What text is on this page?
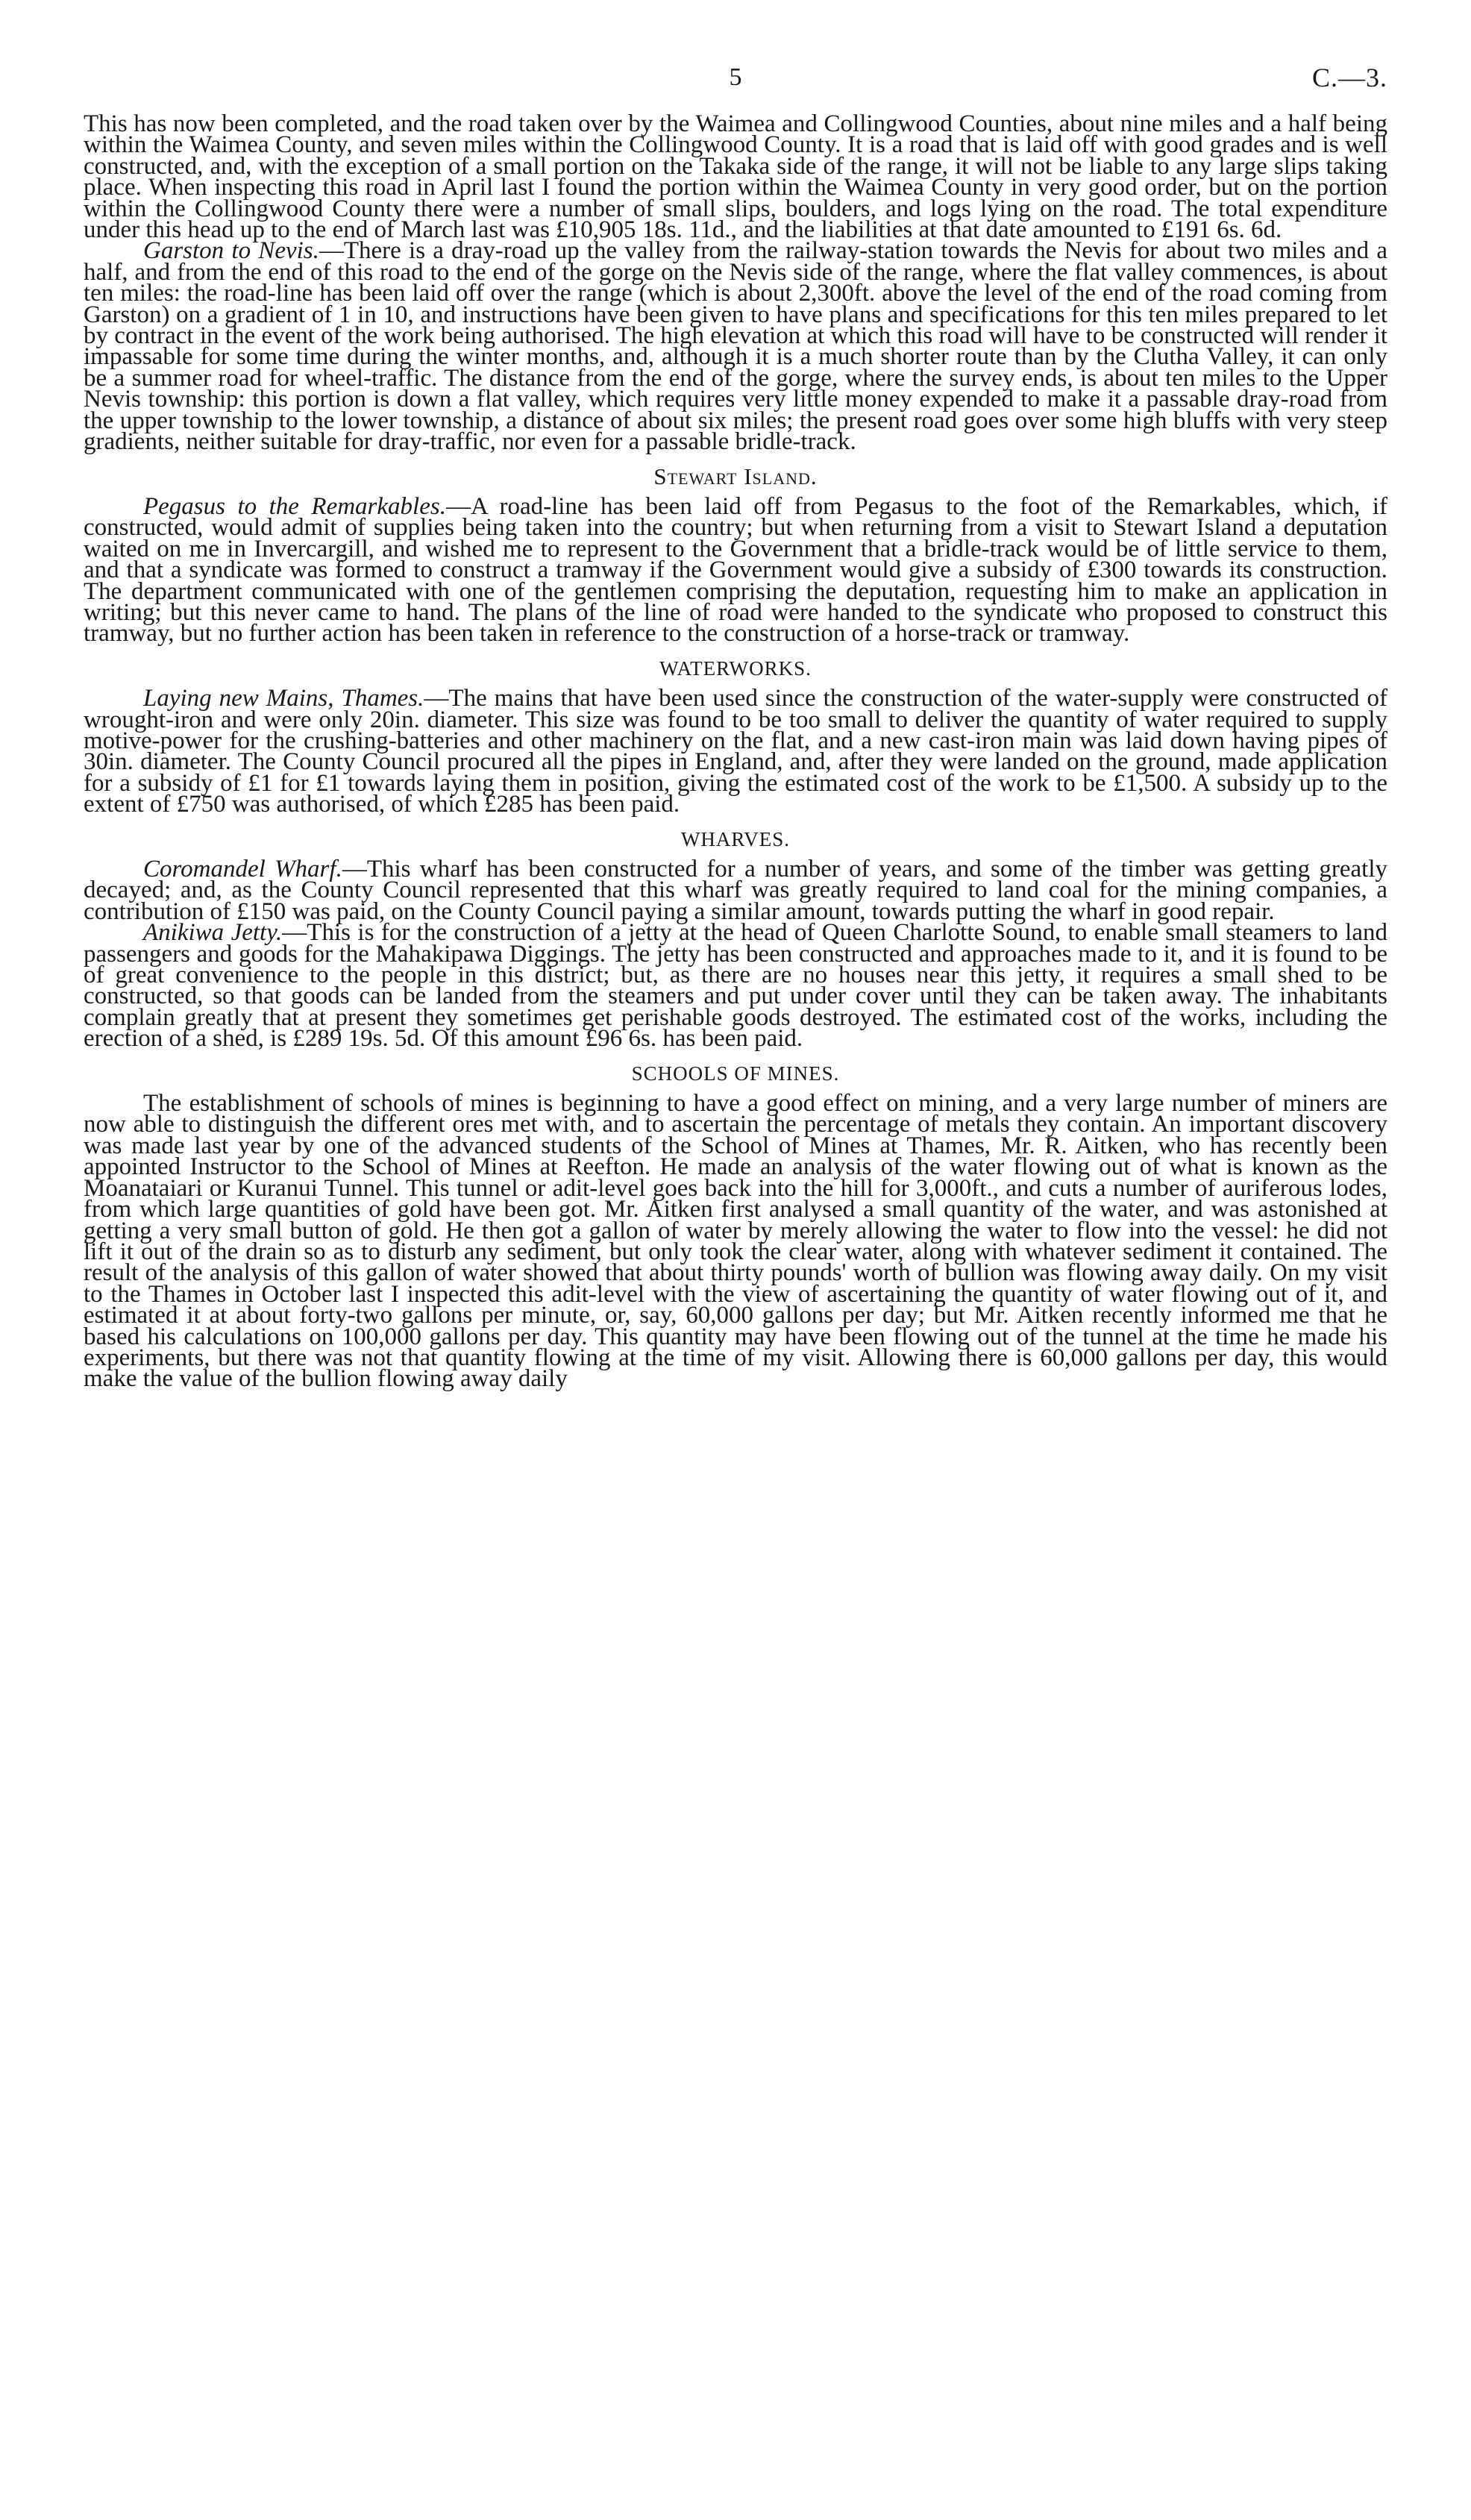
5	C.—3.

This has now been completed, and the road taken over by the Waimea and Collingwood Counties, about nine miles and a half being within the Waimea County, and seven miles within the Collingwood County. It is a road that is laid off with good grades and is well constructed, and, with the exception of a small portion on the Takaka side of the range, it will not be liable to any large slips taking place. When inspecting this road in April last I found the portion within the Waimea County in very good order, but on the portion within the Collingwood County there were a number of small slips, boulders, and logs lying on the road. The total expenditure under this head up to the end of March last was £10,905 18s. 11d., and the liabilities at that date amounted to £191 6s. 6d.

Garston to Nevis.—There is a dray-road up the valley from the railway-station towards the Nevis for about two miles and a half, and from the end of this road to the end of the gorge on the Nevis side of the range, where the flat valley commences, is about ten miles: the road-line has been laid off over the range (which is about 2,300ft. above the level of the end of the road coming from Garston) on a gradient of 1 in 10, and instructions have been given to have plans and specifications for this ten miles prepared to let by contract in the event of the work being authorised. The high elevation at which this road will have to be constructed will render it impassable for some time during the winter months, and, although it is a much shorter route than by the Clutha Valley, it can only be a summer road for wheel-traffic. The distance from the end of the gorge, where the survey ends, is about ten miles to the Upper Nevis township: this portion is down a flat valley, which requires very little money expended to make it a passable dray-road from the upper township to the lower township, a distance of about six miles; the present road goes over some high bluffs with very steep gradients, neither suitable for dray-traffic, nor even for a passable bridle-track.

Stewart Island.

Pegasus to the Remarkables.—A road-line has been laid off from Pegasus to the foot of the Remarkables, which, if constructed, would admit of supplies being taken into the country; but when returning from a visit to Stewart Island a deputation waited on me in Invercargill, and wished me to represent to the Government that a bridle-track would be of little service to them, and that a syndicate was formed to construct a tramway if the Government would give a subsidy of £300 towards its construction. The department communicated with one of the gentlemen comprising the deputation, requesting him to make an application in writing; but this never came to hand. The plans of the line of road were handed to the syndicate who proposed to construct this tramway, but no further action has been taken in reference to the construction of a horse-track or tramway.

WATERWORKS.

Laying new Mains, Thames.—The mains that have been used since the construction of the water-supply were constructed of wrought-iron and were only 20in. diameter. This size was found to be too small to deliver the quantity of water required to supply motive-power for the crushing-batteries and other machinery on the flat, and a new cast-iron main was laid down having pipes of 30in. diameter. The County Council procured all the pipes in England, and, after they were landed on the ground, made application for a subsidy of £1 for £1 towards laying them in position, giving the estimated cost of the work to be £1,500. A subsidy up to the extent of £750 was authorised, of which £285 has been paid.

WHARVES.

Coromandel Wharf.—This wharf has been constructed for a number of years, and some of the timber was getting greatly decayed; and, as the County Council represented that this wharf was greatly required to land coal for the mining companies, a contribution of £150 was paid, on the County Council paying a similar amount, towards putting the wharf in good repair.

Anikiwa Jetty.—This is for the construction of a jetty at the head of Queen Charlotte Sound, to enable small steamers to land passengers and goods for the Mahakipawa Diggings. The jetty has been constructed and approaches made to it, and it is found to be of great convenience to the people in this district; but, as there are no houses near this jetty, it requires a small shed to be constructed, so that goods can be landed from the steamers and put under cover until they can be taken away. The inhabitants complain greatly that at present they sometimes get perishable goods destroyed. The estimated cost of the works, including the erection of a shed, is £289 19s. 5d. Of this amount £96 6s. has been paid.

SCHOOLS OF MINES.

The establishment of schools of mines is beginning to have a good effect on mining, and a very large number of miners are now able to distinguish the different ores met with, and to ascertain the percentage of metals they contain. An important discovery was made last year by one of the advanced students of the School of Mines at Thames, Mr. R. Aitken, who has recently been appointed Instructor to the School of Mines at Reefton. He made an analysis of the water flowing out of what is known as the Moanataiari or Kuranui Tunnel. This tunnel or adit-level goes back into the hill for 3,000ft., and cuts a number of auriferous lodes, from which large quantities of gold have been got. Mr. Aitken first analysed a small quantity of the water, and was astonished at getting a very small button of gold. He then got a gallon of water by merely allowing the water to flow into the vessel: he did not lift it out of the drain so as to disturb any sediment, but only took the clear water, along with whatever sediment it contained. The result of the analysis of this gallon of water showed that about thirty pounds' worth of bullion was flowing away daily. On my visit to the Thames in October last I inspected this adit-level with the view of ascertaining the quantity of water flowing out of it, and estimated it at about forty-two gallons per minute, or, say, 60,000 gallons per day; but Mr. Aitken recently informed me that he based his calculations on 100,000 gallons per day. This quantity may have been flowing out of the tunnel at the time he made his experiments, but there was not that quantity flowing at the time of my visit. Allowing there is 60,000 gallons per day, this would make the value of the bullion flowing away daily
